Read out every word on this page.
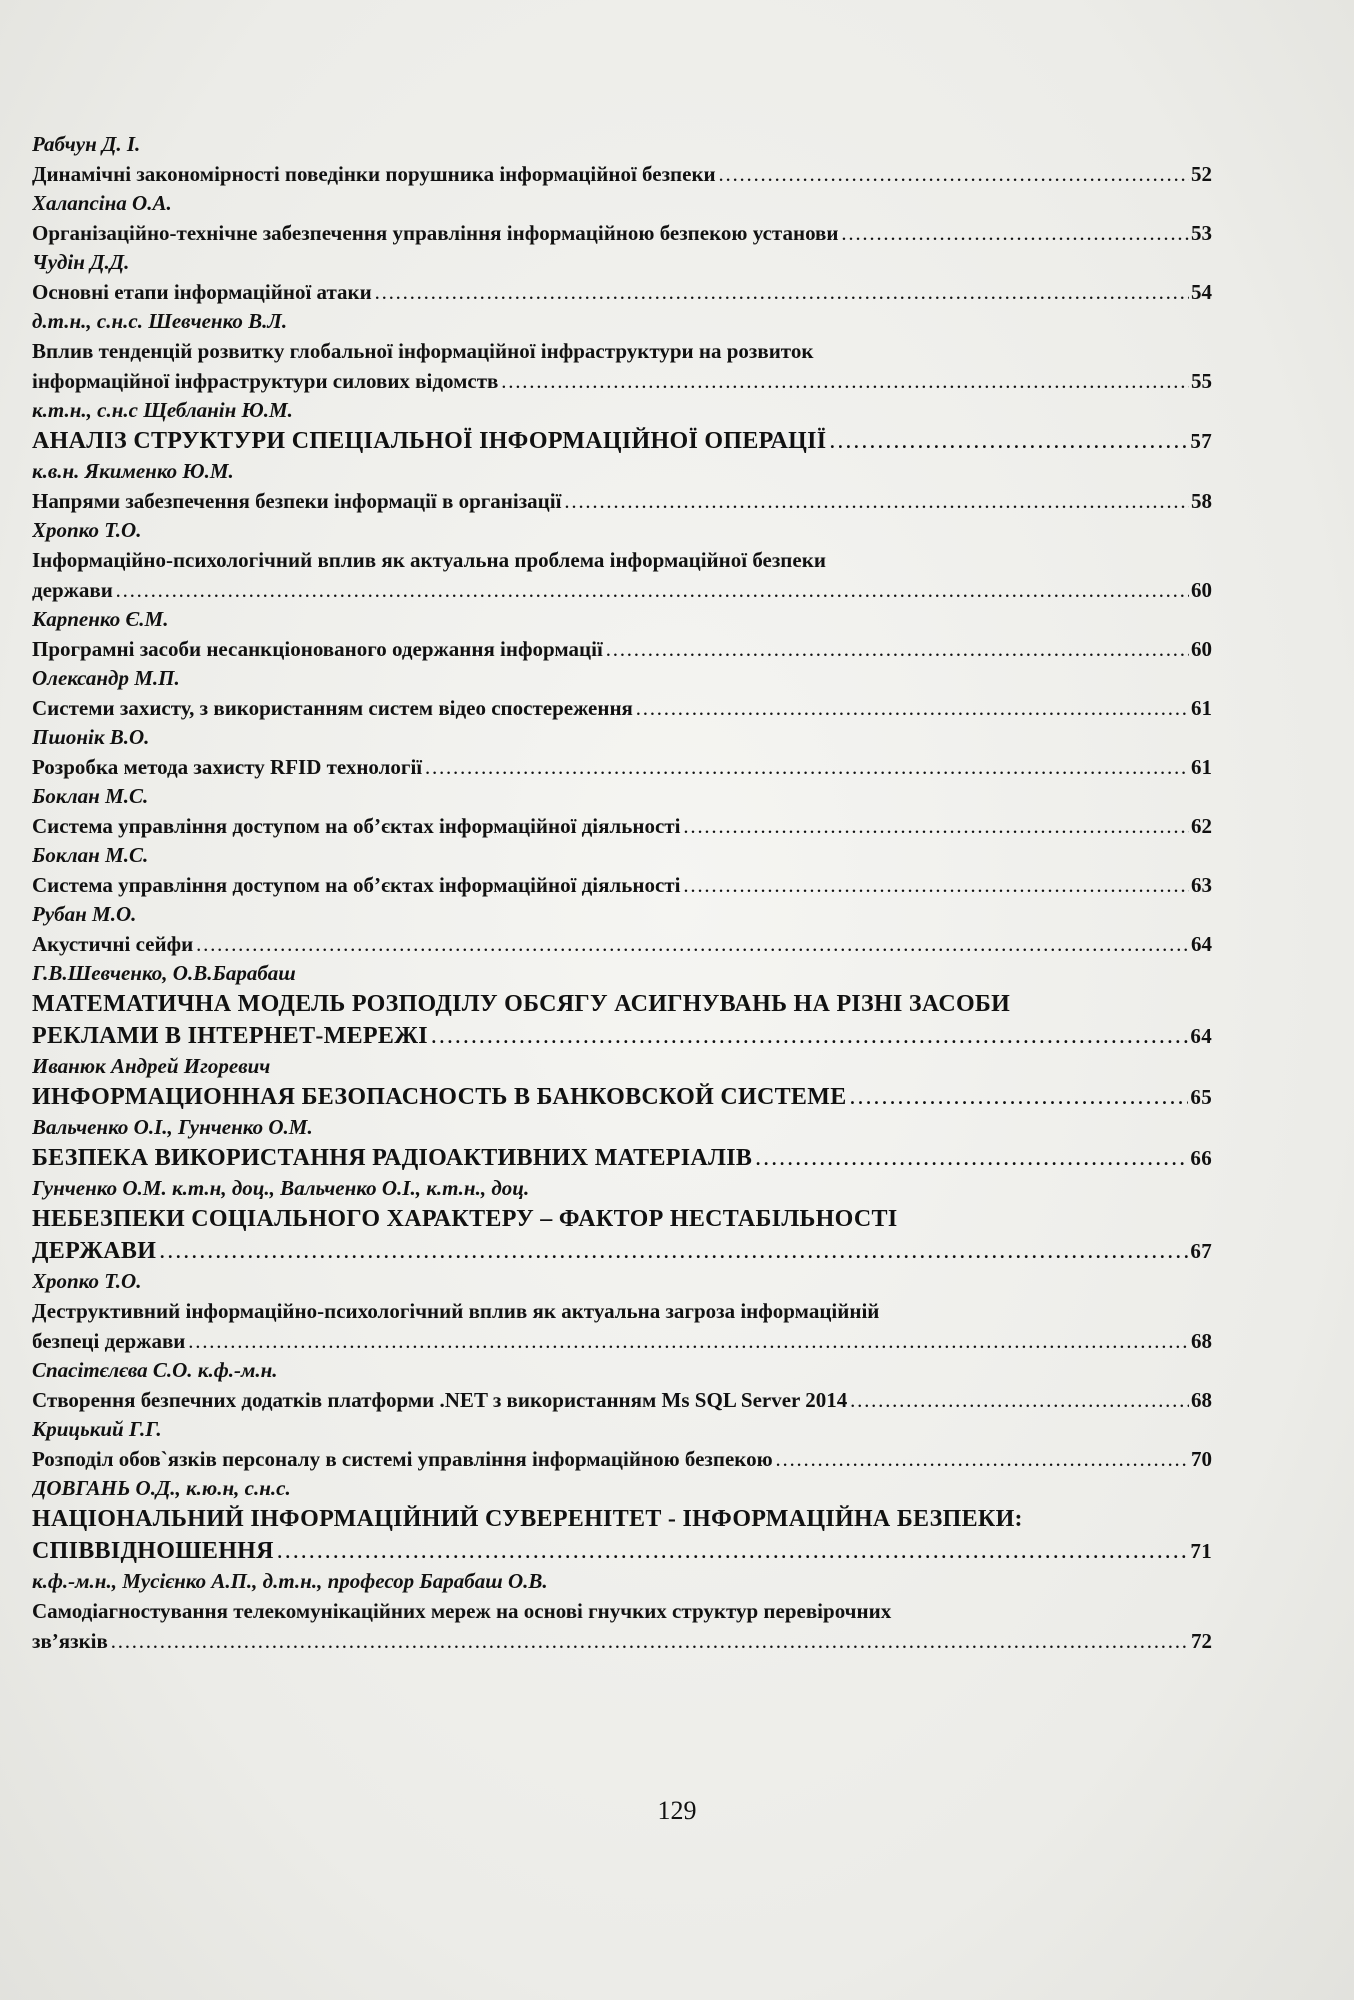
Рабчун Д. І.
Динамічні закономірності поведінки порушника інформаційної безпеки ……………………………………………………………………………………………………………………………………………………………………………………………………………………………………………………………………………………………………………	52
Халапсіна О.А.
Організаційно-технічне забезпечення управління інформаційною безпекою установи ……………………………………………………………………………………………………………………………………………………………………………………………………………………………………………………………………………………………………………	53
Чудін Д.Д.
Основні етапи інформаційної атаки ……………………………………………………………………………………………………………………………………………………………………………………………………………………………………………………………………………………………………………	54
д.т.н., с.н.с. Шевченко В.Л.
Вплив тенденцій розвитку глобальної інформаційної інфраструктури на розвиток
інформаційної інфраструктури силових відомств ……………………………………………………………………………………………………………………………………………………………………………………………………………………………………………………………………………………………………………	55
к.т.н., с.н.с Щебланін Ю.М.
АНАЛІЗ СТРУКТУРИ СПЕЦІАЛЬНОЇ ІНФОРМАЦІЙНОЇ ОПЕРАЦІЇ ……………………………………………………………………………………………………………………………………………………………………………………………………………………………………………………………………………………………………………	57
к.в.н. Якименко Ю.М.
Напрями забезпечення безпеки інформації в організації ……………………………………………………………………………………………………………………………………………………………………………………………………………………………………………………………………………………………………………	58
Хропко Т.О.
Інформаційно-психологічний вплив як актуальна проблема інформаційної безпеки
держави ……………………………………………………………………………………………………………………………………………………………………………………………………………………………………………………………………………………………………………	60
Карпенко Є.М.
Програмні засоби несанкціонованого одержання інформації ……………………………………………………………………………………………………………………………………………………………………………………………………………………………………………………………………………………………………………	60
Олександр М.П.
Системи захисту, з використанням систем відео спостереження ……………………………………………………………………………………………………………………………………………………………………………………………………………………………………………………………………………………………………………	61
Пшонік В.О.
Розробка метода захисту RFID технології ……………………………………………………………………………………………………………………………………………………………………………………………………………………………………………………………………………………………………………	61
Боклан М.С.
Система управління доступом на об’єктах інформаційної діяльності ……………………………………………………………………………………………………………………………………………………………………………………………………………………………………………………………………………………………………………	62
Боклан М.С.
Система управління доступом на об’єктах інформаційної діяльності ……………………………………………………………………………………………………………………………………………………………………………………………………………………………………………………………………………………………………………	63
Рубан М.О.
Акустичні сейфи ……………………………………………………………………………………………………………………………………………………………………………………………………………………………………………………………………………………………………………	64
Г.В.Шевченко, О.В.Барабаш
МАТЕМАТИЧНА МОДЕЛЬ РОЗПОДІЛУ ОБСЯГУ АСИГНУВАНЬ НА РІЗНІ ЗАСОБИ
РЕКЛАМИ В ІНТЕРНЕТ-МЕРЕЖІ ……………………………………………………………………………………………………………………………………………………………………………………………………………………………………………………………………………………………………………	64
Иванюк Андрей Игоревич
ИНФОРМАЦИОННАЯ БЕЗОПАСНОСТЬ В БАНКОВСКОЙ СИСТЕМЕ ……………………………………………………………………………………………………………………………………………………………………………………………………………………………………………………………………………………………………………	65
Вальченко О.І., Гунченко О.М.
БЕЗПЕКА ВИКОРИСТАННЯ РАДІОАКТИВНИХ МАТЕРІАЛІВ ……………………………………………………………………………………………………………………………………………………………………………………………………………………………………………………………………………………………………………	66
Гунченко О.М. к.т.н, доц., Вальченко О.І., к.т.н., доц.
НЕБЕЗПЕКИ СОЦІАЛЬНОГО ХАРАКТЕРУ – ФАКТОР НЕСТАБІЛЬНОСТІ
ДЕРЖАВИ ……………………………………………………………………………………………………………………………………………………………………………………………………………………………………………………………………………………………………………	67
Хропко Т.О.
Деструктивний інформаційно-психологічний вплив як актуальна загроза інформаційній
безпеці держави ……………………………………………………………………………………………………………………………………………………………………………………………………………………………………………………………………………………………………………	68
Спасітєлєва С.О. к.ф.-м.н.
Створення безпечних додатків платформи .NET з використанням Ms SQL Server 2014 ……………………………………………………………………………………………………………………………………………………………………………………………………………………………………………………………………………………………………………	68
Крицький Г.Г.
Розподіл обов`язків персоналу в системі управління інформаційною безпекою ……………………………………………………………………………………………………………………………………………………………………………………………………………………………………………………………………………………………………………	70
ДОВГАНЬ О.Д., к.ю.н, с.н.с.
НАЦІОНАЛЬНИЙ ІНФОРМАЦІЙНИЙ СУВЕРЕНІТЕТ - ІНФОРМАЦІЙНА БЕЗПЕКИ:
СПІВВІДНОШЕННЯ ……………………………………………………………………………………………………………………………………………………………………………………………………………………………………………………………………………………………………………	71
к.ф.-м.н., Мусієнко А.П., д.т.н., професор Барабаш О.В.
Самодіагностування телекомунікаційних мереж на основі гнучких структур перевірочних
зв’язків ……………………………………………………………………………………………………………………………………………………………………………………………………………………………………………………………………………………………………………	72
129
